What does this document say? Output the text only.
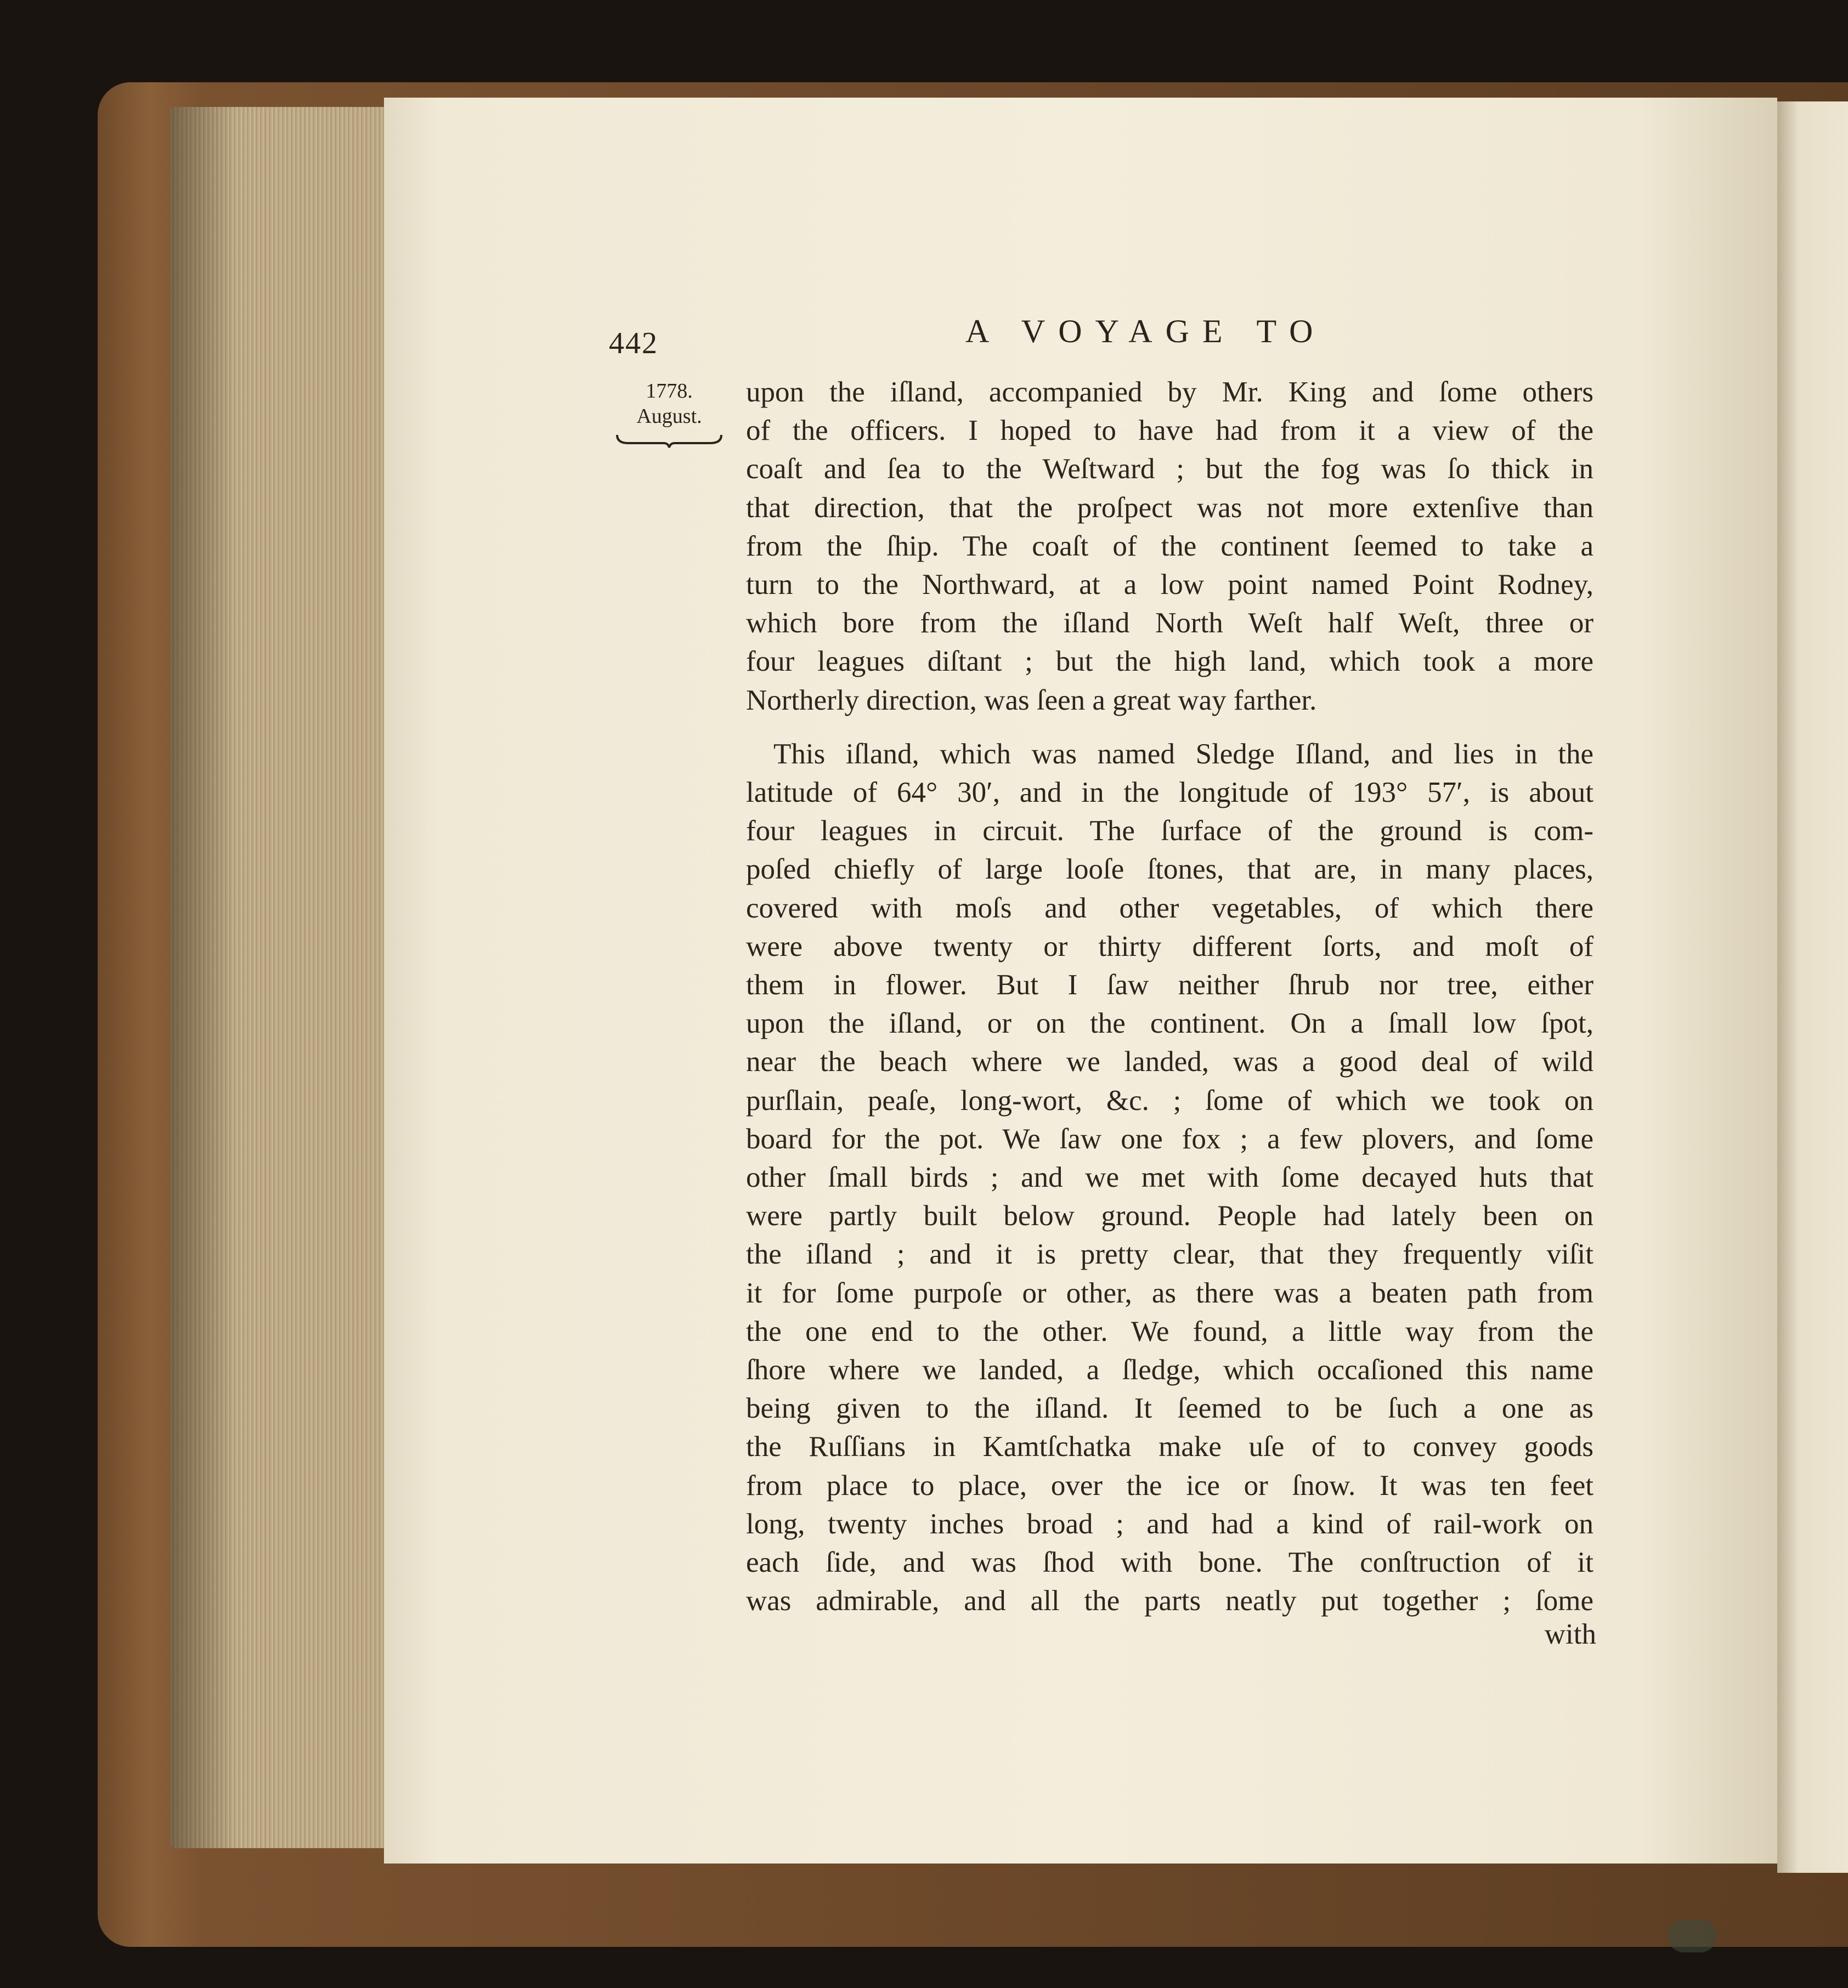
442	A VOYAGE TO
1778.
August.
upon the iſland, accompanied by Mr. King and ſome others
of the officers. I hoped to have had from it a view of the
coaſt and ſea to the Weſtward ; but the fog was ſo thick in
that direction, that the proſpect was not more extenſive than
from the ſhip. The coaſt of the continent ſeemed to take a
turn to the Northward, at a low point named Point Rodney,
which bore from the iſland North Weſt half Weſt, three or
four leagues diſtant ; but the high land, which took a more
Northerly direction, was ſeen a great way farther.
This iſland, which was named Sledge Iſland, and lies in the
latitude of 64° 30′, and in the longitude of 193° 57′, is about
four leagues in circuit. The ſurface of the ground is com-
poſed chiefly of large looſe ſtones, that are, in many places,
covered with moſs and other vegetables, of which there
were above twenty or thirty different ſorts, and moſt of
them in flower. But I ſaw neither ſhrub nor tree, either
upon the iſland, or on the continent. On a ſmall low ſpot,
near the beach where we landed, was a good deal of wild
purſlain, peaſe, long-wort, &c. ; ſome of which we took on
board for the pot. We ſaw one fox ; a few plovers, and ſome
other ſmall birds ; and we met with ſome decayed huts that
were partly built below ground. People had lately been on
the iſland ; and it is pretty clear, that they frequently viſit
it for ſome purpoſe or other, as there was a beaten path from
the one end to the other. We found, a little way from the
ſhore where we landed, a ſledge, which occaſioned this name
being given to the iſland. It ſeemed to be ſuch a one as
the Ruſſians in Kamtſchatka make uſe of to convey goods
from place to place, over the ice or ſnow. It was ten feet
long, twenty inches broad ; and had a kind of rail-work on
each ſide, and was ſhod with bone. The conſtruction of it
was admirable, and all the parts neatly put together ; ſome
with
